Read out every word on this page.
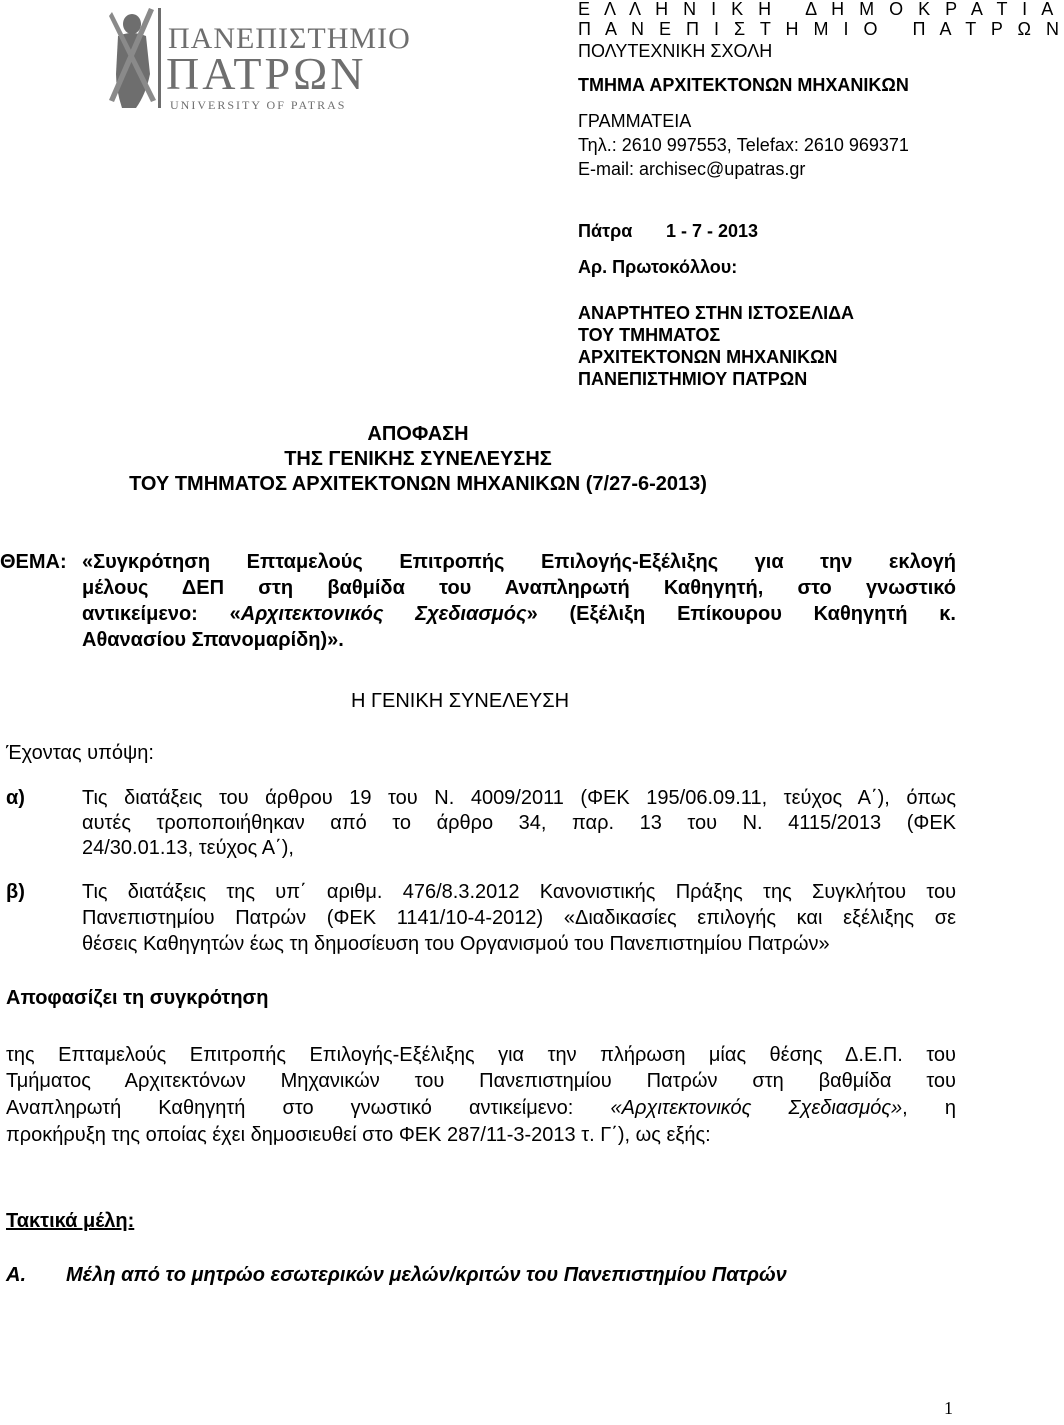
ΠΑΝΕΠΙΣΤΗΜΙΟ
ΠΑΤΡΩΝ
UNIVERSITY OF PATRAS
Ε Λ Λ Η Ν Ι Κ Η   Δ Η Μ Ο Κ Ρ Α Τ Ι Α
Π Α Ν Ε Π Ι Σ Τ Η Μ Ι Ο   Π Α Τ Ρ Ω Ν
ΠΟΛΥΤΕΧΝΙΚΗ ΣΧΟΛΗ
ΤΜΗΜΑ ΑΡΧΙΤΕΚΤΟΝΩΝ ΜΗΧΑΝΙΚΩΝ
ΓΡΑΜΜΑΤΕΙΑ
Τηλ.: 2610 997553, Telefax: 2610 969371
E-mail: archisec@upatras.gr
Πάτρα 1 - 7 - 2013
Αρ. Πρωτοκόλλου:
ΑΝΑΡΤΗΤΕΟ ΣΤΗΝ ΙΣΤΟΣΕΛΙΔΑ
ΤΟΥ ΤΜΗΜΑΤΟΣ
ΑΡΧΙΤΕΚΤΟΝΩΝ ΜΗΧΑΝΙΚΩΝ
ΠΑΝΕΠΙΣΤΗΜΙΟΥ ΠΑΤΡΩΝ
ΑΠΟΦΑΣΗ
ΤΗΣ ΓΕΝΙΚΗΣ ΣΥΝΕΛΕΥΣΗΣ
ΤΟΥ ΤΜΗΜΑΤΟΣ ΑΡΧΙΤΕΚΤΟΝΩΝ ΜΗΧΑΝΙΚΩΝ (7/27-6-2013)
ΘΕΜΑ: «Συγκρότηση Επταμελούς Επιτροπής Επιλογής-Εξέλιξης για την εκλογή
μέλους ΔΕΠ στη βαθμίδα του Αναπληρωτή Καθηγητή, στο γνωστικό
αντικείμενο: «Αρχιτεκτονικός Σχεδιασμός» (Εξέλιξη Επίκουρου Καθηγητή κ.
Αθανασίου Σπανομαρίδη)».
Η ΓΕΝΙΚΗ ΣΥΝΕΛΕΥΣΗ
Έχοντας υπόψη:
α)	Τις διατάξεις του άρθρου 19 του Ν. 4009/2011 (ΦΕΚ 195/06.09.11, τεύχος Α΄), όπως
αυτές τροποποιήθηκαν από το άρθρο 34, παρ. 13 του Ν. 4115/2013 (ΦΕΚ
24/30.01.13, τεύχος Α΄),
β)	Τις διατάξεις της υπ΄ αριθμ. 476/8.3.2012 Κανονιστικής Πράξης της Συγκλήτου του
Πανεπιστημίου Πατρών (ΦΕΚ 1141/10-4-2012) «Διαδικασίες επιλογής και εξέλιξης σε
θέσεις Καθηγητών έως τη δημοσίευση του Οργανισμού του Πανεπιστημίου Πατρών»
Αποφασίζει τη συγκρότηση
της Επταμελούς Επιτροπής Επιλογής-Εξέλιξης για την πλήρωση μίας θέσης Δ.Ε.Π. του
Τμήματος Αρχιτεκτόνων Μηχανικών του Πανεπιστημίου Πατρών στη βαθμίδα του
Αναπληρωτή Καθηγητή στο γνωστικό αντικείμενο: «Αρχιτεκτονικός Σχεδιασμός», η
προκήρυξη της οποίας έχει δημοσιευθεί στο ΦΕΚ 287/11-3-2013 τ. Γ΄), ως εξής:
Τακτικά μέλη:
Α. Μέλη από το μητρώο εσωτερικών μελών/κριτών του Πανεπιστημίου Πατρών
1
